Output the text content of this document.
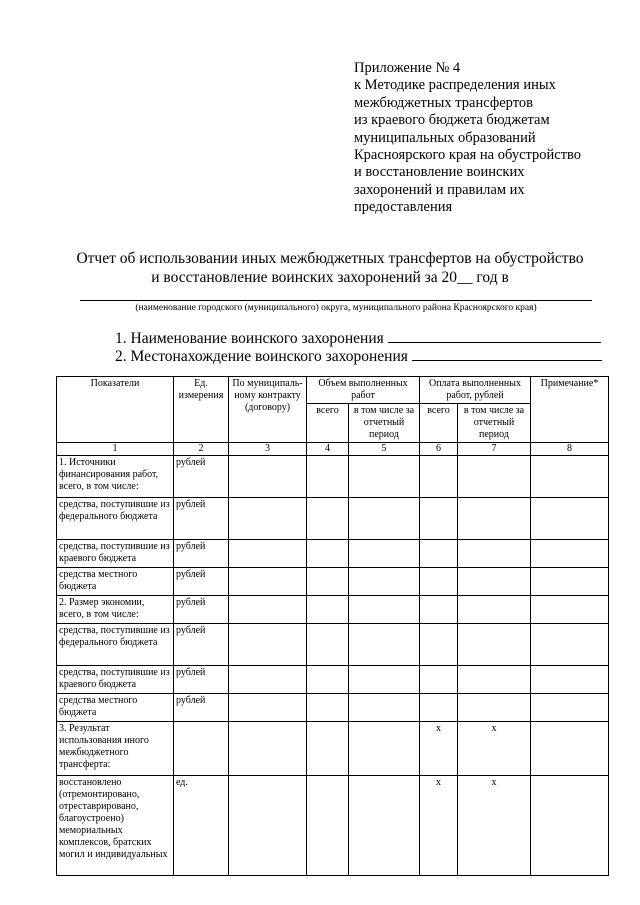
Приложение № 4
к Методике распределения иных
межбюджетных трансфертов
из краевого бюджета бюджетам
муниципальных образований
Красноярского края на обустройство
и восстановление воинских
захоронений и правилам их
предоставления
Отчет об использовании иных межбюджетных трансфертов на обустройство
и восстановление воинских захоронений за 20__ год в
(наименование городского (муниципального) округа, муниципального района Красноярского края)
1. Наименование воинского захоронения
2. Местонахождение воинского захоронения
Показатели	Ед. измерения	По муниципаль-ному контракту (договору)	Объем выполненных работ		Оплата выполненных работ, рублей		Примечание*
			всего	в том числе за отчетный период	всего	в том числе за отчетный период	
1	2	3	4	5	6	7	8
1. Источники финансирования работ, всего, в том числе:	рублей						
средства, поступившие из федерального бюджета	рублей						
средства, поступившие из краевого бюджета	рублей						
средства местного бюджета	рублей						
2. Размер экономии, всего, в том числе:	рублей						
средства, поступившие из федерального бюджета	рублей						
средства, поступившие из краевого бюджета	рублей						
средства местного бюджета	рублей						
3. Результат использования иного межбюджетного трансферта:					х	х	
восстановлено (отремонтировано, отреставрировано, благоустроено) мемориальных комплексов, братских могил и индивидуальных	ед.				х	х	
